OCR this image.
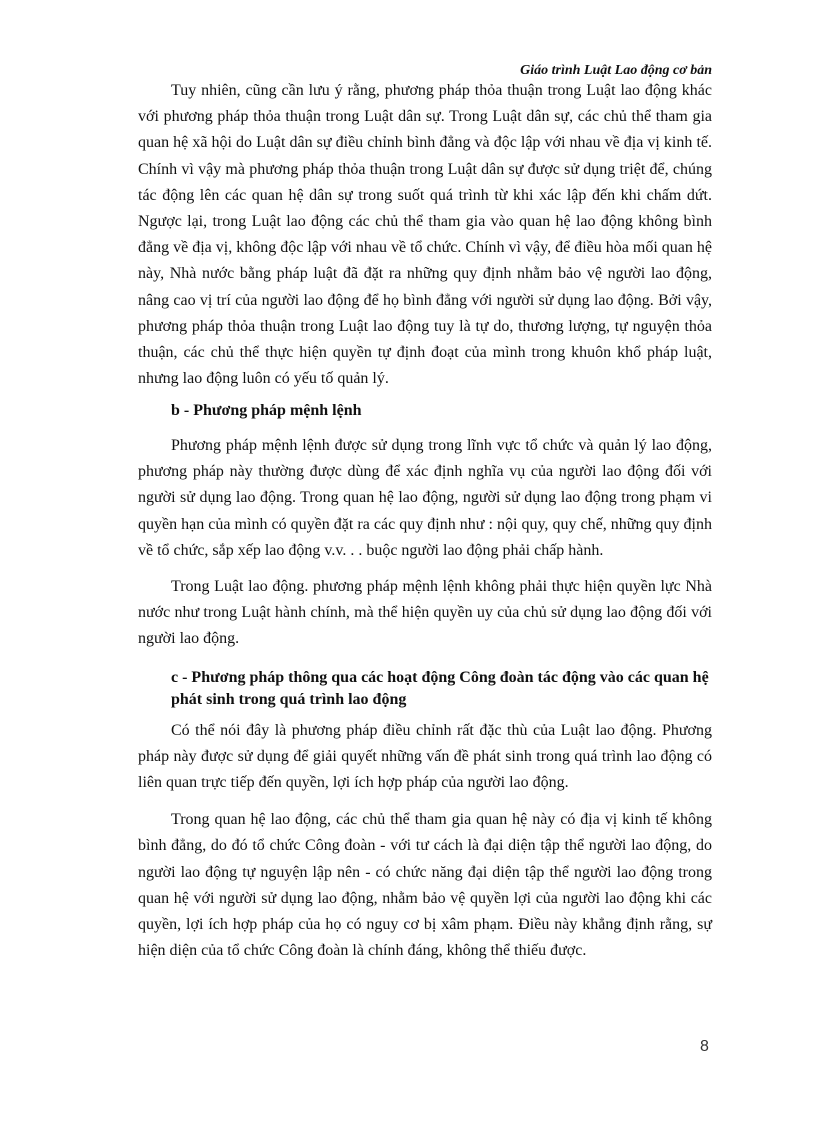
Giáo trình Luật Lao động cơ bản

Tuy nhiên, cũng cần lưu ý rằng, phương pháp thỏa thuận trong Luật lao động khác với phương pháp thỏa thuận trong Luật dân sự. Trong Luật dân sự, các chủ thể tham gia quan hệ xã hội do Luật dân sự điều chỉnh bình đẳng và độc lập với nhau về địa vị kinh tế. Chính vì vậy mà phương pháp thỏa thuận trong Luật dân sự được sử dụng triệt để, chúng tác động lên các quan hệ dân sự trong suốt quá trình từ khi xác lập đến khi chấm dứt. Ngược lại, trong Luật lao động các chủ thể tham gia vào quan hệ lao động không bình đẳng về địa vị, không độc lập với nhau về tổ chức. Chính vì vậy, để điều hòa mối quan hệ này, Nhà nước bằng pháp luật đã đặt ra những quy định nhằm bảo vệ người lao động, nâng cao vị trí của người lao động để họ bình đẳng với người sử dụng lao động. Bởi vậy, phương pháp thỏa thuận trong Luật lao động tuy là tự do, thương lượng, tự nguyện thỏa thuận, các chủ thể thực hiện quyền tự định đoạt của mình trong khuôn khổ pháp luật, nhưng lao động luôn có yếu tố quản lý.

b - Phương pháp mệnh lệnh

Phương pháp mệnh lệnh được sử dụng trong lĩnh vực tổ chức và quản lý lao động, phương pháp này thường được dùng để xác định nghĩa vụ của người lao động đối với người sử dụng lao động. Trong quan hệ lao động, người sử dụng lao động trong phạm vi quyền hạn của mình có quyền đặt ra các quy định như : nội quy, quy chế, những quy định về tổ chức, sắp xếp lao động v.v. . . buộc người lao động phải chấp hành.

Trong Luật lao động. phương pháp mệnh lệnh không phải thực hiện quyền lực Nhà nước như trong Luật hành chính, mà thể hiện quyền uy của chủ sử dụng lao động đối với người lao động.

c - Phương pháp thông qua các hoạt động Công đoàn tác động vào các quan hệ phát sinh trong quá trình lao động

Có thể nói đây là phương pháp điều chỉnh rất đặc thù của Luật lao động. Phương pháp này được sử dụng để giải quyết những vấn đề phát sinh trong quá trình lao động có liên quan trực tiếp đến quyền, lợi ích hợp pháp của người lao động.

Trong quan hệ lao động, các chủ thể tham gia quan hệ này có địa vị kinh tế không bình đẳng, do đó tổ chức Công đoàn - với tư cách là đại diện tập thể người lao động, do người lao động tự nguyện lập nên - có chức năng đại diện tập thể người lao động trong quan hệ với người sử dụng lao động, nhằm bảo vệ quyền lợi của người lao động khi các quyền, lợi ích hợp pháp của họ có nguy cơ bị xâm phạm. Điều này khẳng định rằng, sự hiện diện của tổ chức Công đoàn là chính đáng, không thể thiếu được.

8
